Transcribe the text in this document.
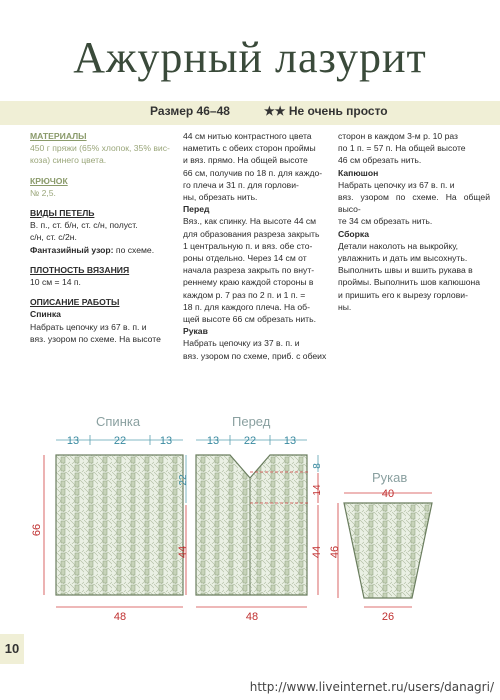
Ажурный лазурит
Размер 46–48	★★ Не очень просто
МАТЕРИАЛЫ
450 г пряжи (65% хлопок, 35% вис-
коза) синего цвета.
КРЮЧОК
№ 2,5.
ВИДЫ ПЕТЕЛЬ
В. п., ст. б/н, ст. с/н, полуст.
с/н, ст. с/2н.
Фантазийный узор: по схеме.
ПЛОТНОСТЬ ВЯЗАНИЯ
10 см = 14 п.
ОПИСАНИЕ РАБОТЫ
Спинка
Набрать цепочку из 67 в. п. и
вяз. узором по схеме. На высоте
44 см нитью контрастного цвета
наметить с обеих сторон проймы
и вяз. прямо. На общей высоте
66 см, получив по 18 п. для каждо-
го плеча и 31 п. для горлови-
ны, обрезать нить.
Перед
Вяз., как спинку. На высоте 44 см
для образования разреза закрыть
1 центральную п. и вяз. обе сто-
роны отдельно. Через 14 см от
начала разреза закрыть по внут-
реннему краю каждой стороны в
каждом р. 7 раз по 2 п. и 1 п. =
18 п. для каждого плеча. На об-
щей высоте 66 см обрезать нить.
Рукав
Набрать цепочку из 37 в. п. и
вяз. узором по схеме, приб. с обеих
сторон в каждом 3-м р. 10 раз
по 1 п. = 57 п. На общей высоте
46 см обрезать нить.
Капюшон
Набрать цепочку из 67 в. п. и
вяз. узором по схеме. На общей высо-
те 34 см обрезать нить.
Сборка
Детали наколоть на выкройку,
увлажнить и дать им высохнуть.
Выполнить швы и вшить рукава в
проймы. Выполнить шов капюшона
и пришить его к вырезу горлови-
ны.
Спинка	Перед
Рукав
13	22	13
66
48
13 22	13
22
44
8
14
44
48
40
46
26
10
http://www.liveinternet.ru/users/danagri/
